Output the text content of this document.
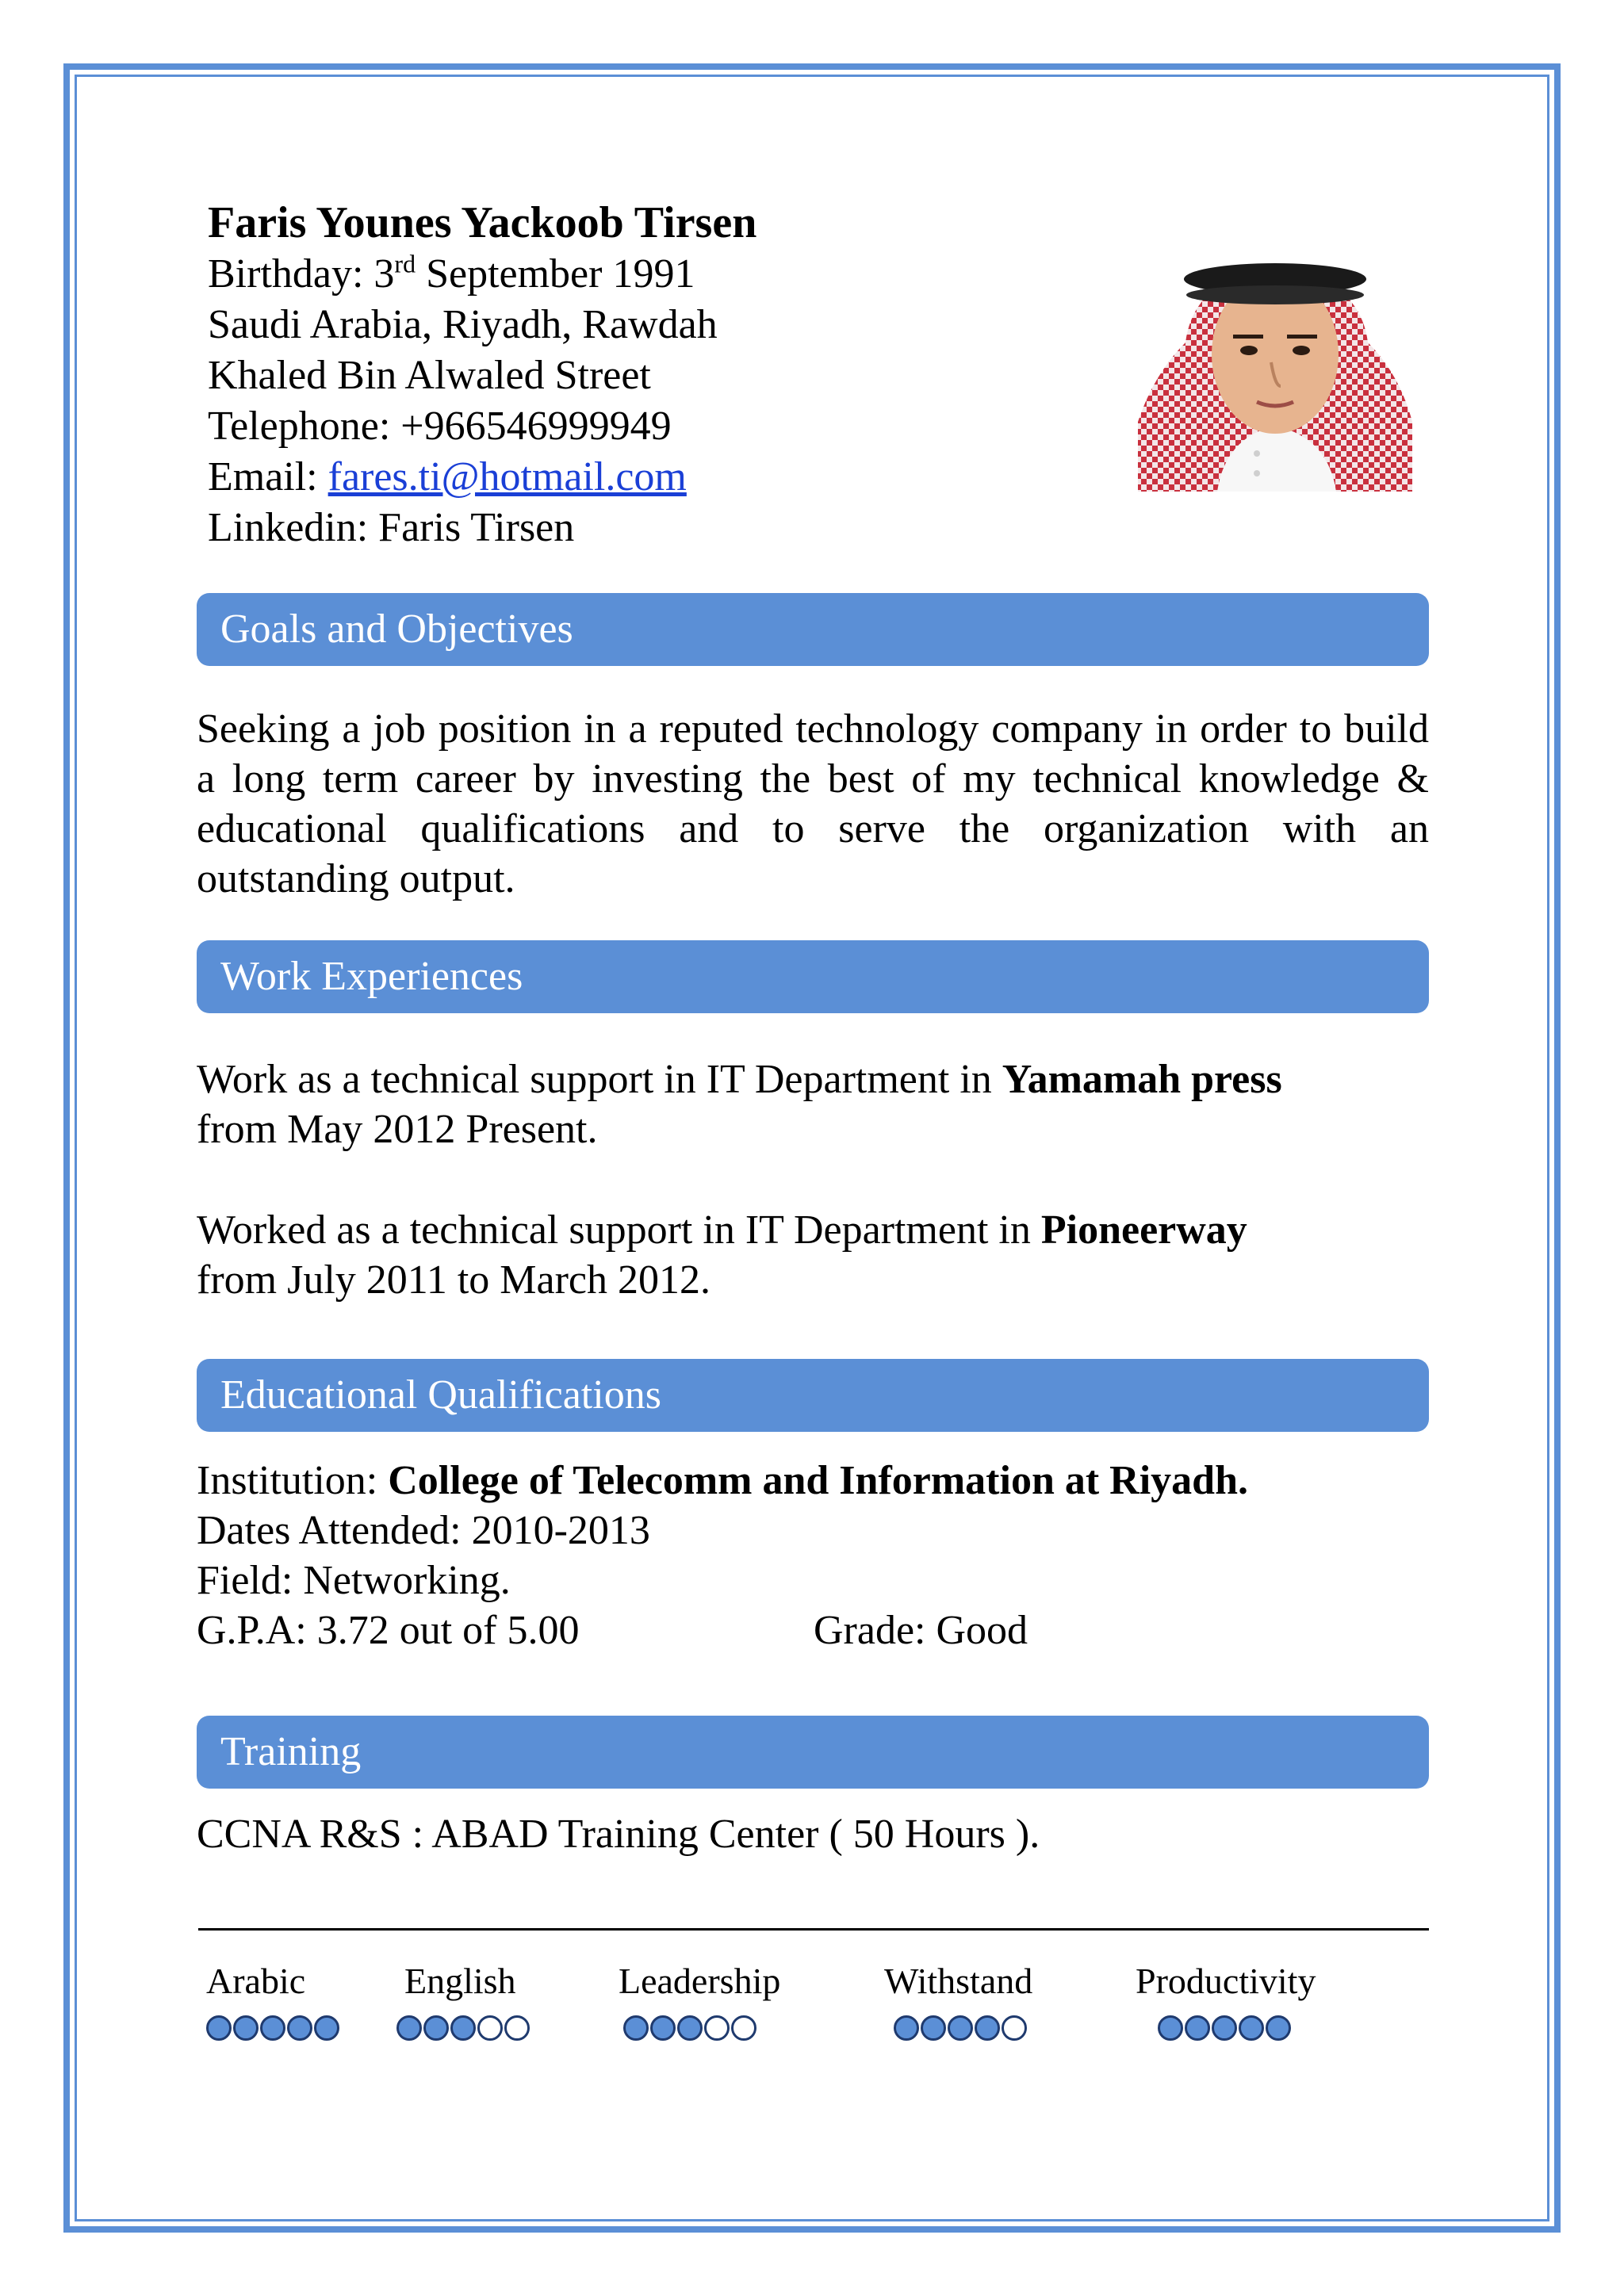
Faris Younes Yackoob Tirsen
Birthday: 3rd September 1991
Saudi Arabia, Riyadh, Rawdah
Khaled Bin Alwaled Street
Telephone: +966546999949
Email: fares.ti@hotmail.com
Linkedin: Faris Tirsen
Goals and Objectives
Seeking a job position in a reputed technology company in order to build a long term career by investing the best of my technical knowledge & educational qualifications and to serve the organization with an outstanding output.
Work Experiences
Work as a technical support in IT Department in Yamamah press
from May 2012 Present.
Worked as a technical support in IT Department in Pioneerway
from July 2011 to March 2012.
Educational Qualifications
Institution: College of Telecomm and Information at Riyadh.
Dates Attended: 2010-2013
Field: Networking.
G.P.A: 3.72 out of 5.00	Grade: Good
Training
CCNA R&S : ABAD Training Center ( 50 Hours ).
Arabic	English	Leadership	Withstand	Productivity
